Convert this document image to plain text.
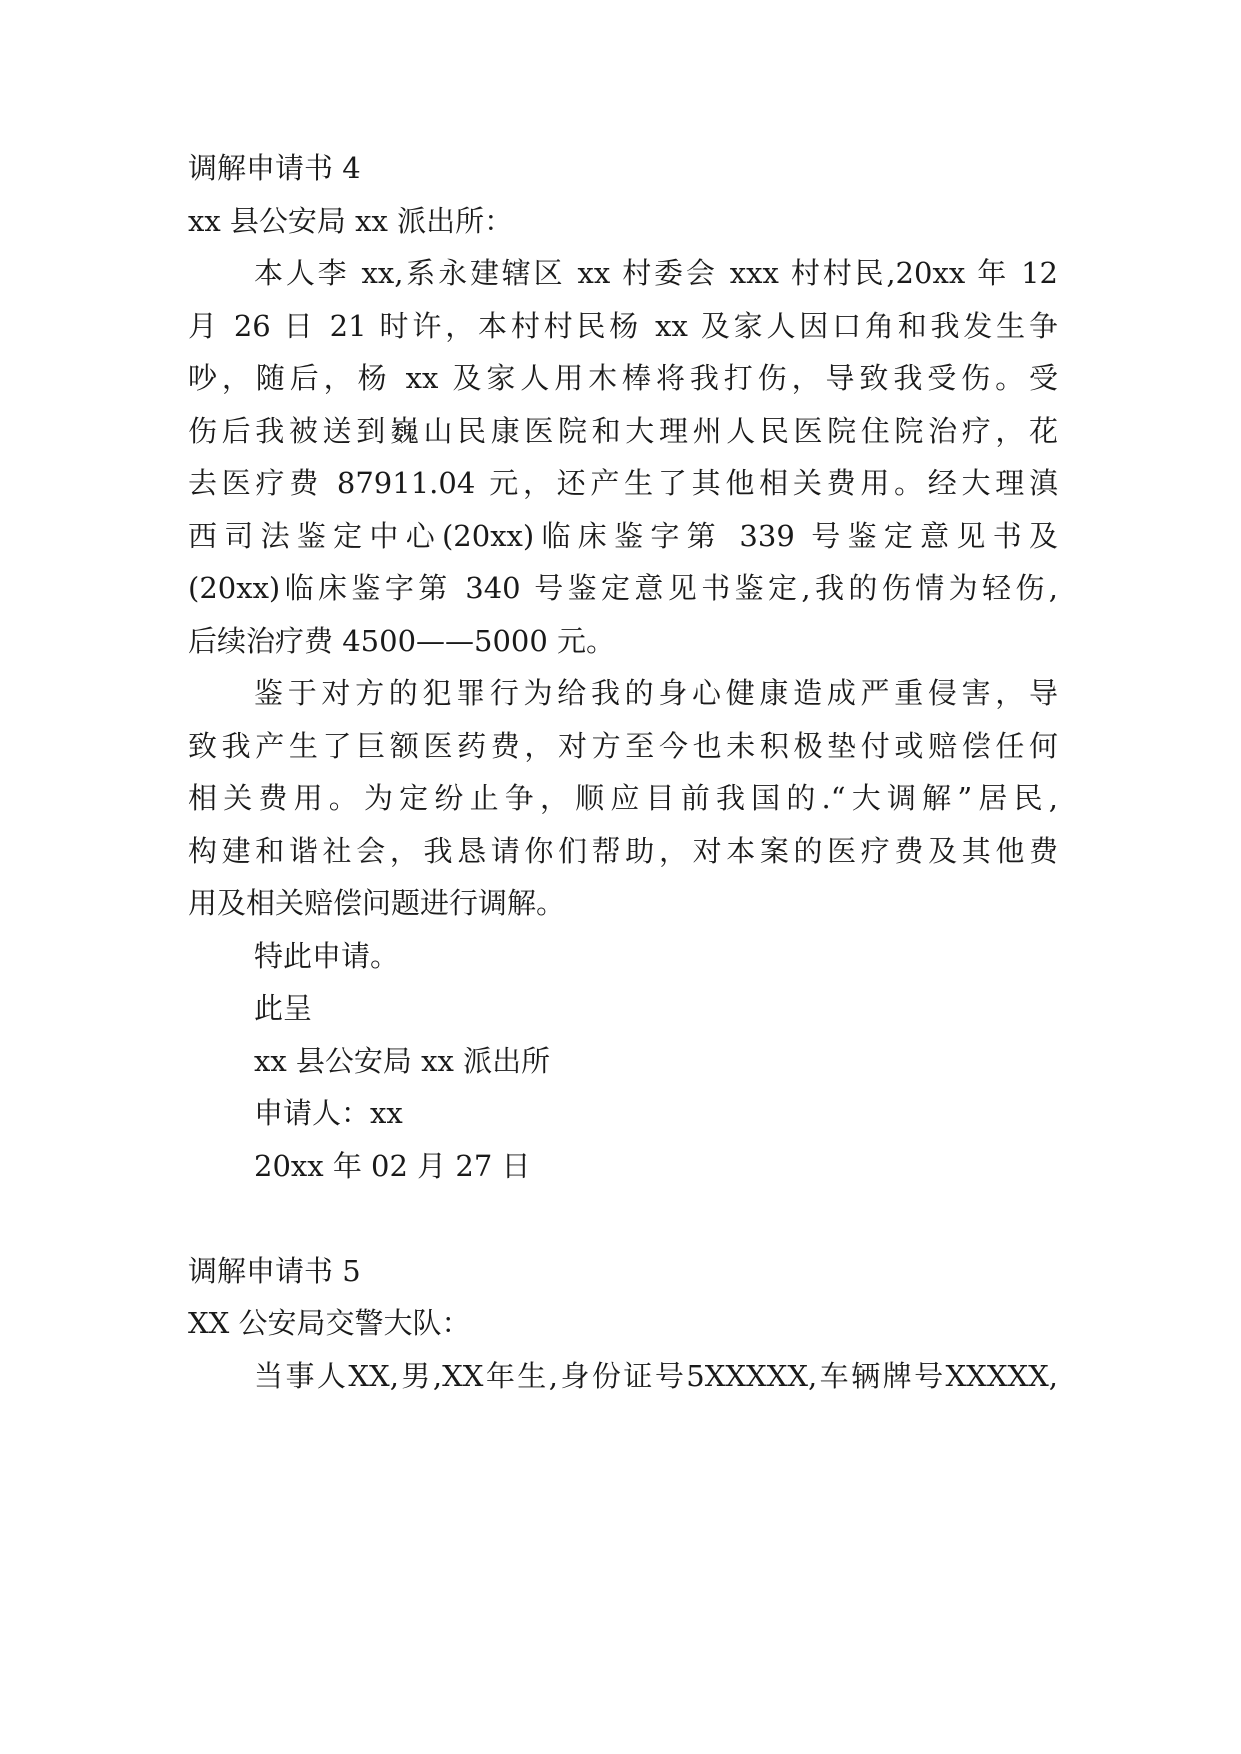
调解申请书 4
xx 县公安局 xx 派出所：
本人李 xx,系永建辖区 xx 村委会 xxx 村村民,20xx 年 12
月 26 日 21 时许，本村村民杨 xx 及家人因口角和我发生争
吵，随后，杨 xx 及家人用木棒将我打伤，导致我受伤。受
伤后我被送到巍山民康医院和大理州人民医院住院治疗，花
去医疗费 87911.04 元，还产生了其他相关费用。经大理滇
西司法鉴定中心(20xx)临床鉴字第 339 号鉴定意见书及
(20xx)临床鉴字第 340 号鉴定意见书鉴定,我的伤情为轻伤,
后续治疗费 4500——5000 元。
鉴于对方的犯罪行为给我的身心健康造成严重侵害，导
致我产生了巨额医药费，对方至今也未积极垫付或赔偿任何
相关费用。为定纷止争，顺应目前我国的.“大调解”居民,
构建和谐社会，我恳请你们帮助，对本案的医疗费及其他费
用及相关赔偿问题进行调解。
特此申请。
此呈
xx 县公安局 xx 派出所
申请人：xx
20xx 年 02 月 27 日
调解申请书 5
XX 公安局交警大队：
当事人XX,男,XX年生,身份证号5XXXXX,车辆牌号XXXXX,
